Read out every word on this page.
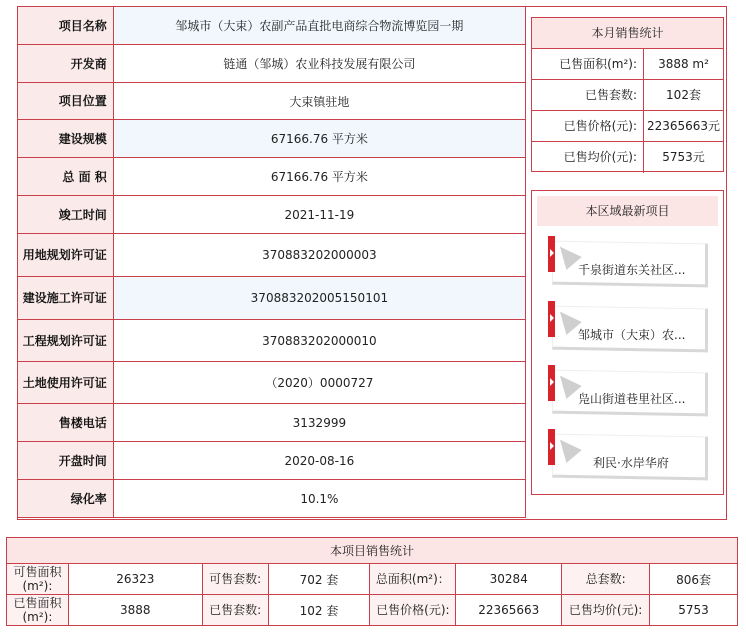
项目名称	邹城市（大束）农副产品直批电商综合物流博览园一期
开发商	链通（邹城）农业科技发展有限公司
项目位置	大束镇驻地
建设规模	67166.76 平方米
总 面 积	67166.76 平方米
竣工时间	2021-11-19
用地规划许可证	370883202000003
建设施工许可证	370883202005150101
工程规划许可证	370883202000010
土地使用许可证	（2020）0000727
售楼电话	3132999
开盘时间	2020-08-16
绿化率	10.1%
本月销售统计
已售面积(m²):	3888 m²
已售套数:	102套
已售价格(元): 22365663元
已售均价(元):	5753元
本区域最新项目
千泉街道东关社区...
邹城市（大束）农...
凫山街道巷里社区...
利民·水岸华府
本项目销售统计							
可售面积(m²):	26323	可售套数:	702 套	总面积(m²)：	30284	总套数:	806套
已售面积(m²):	3888	已售套数:	102 套	已售价格(元):	22365663	已售均价(元):	5753
